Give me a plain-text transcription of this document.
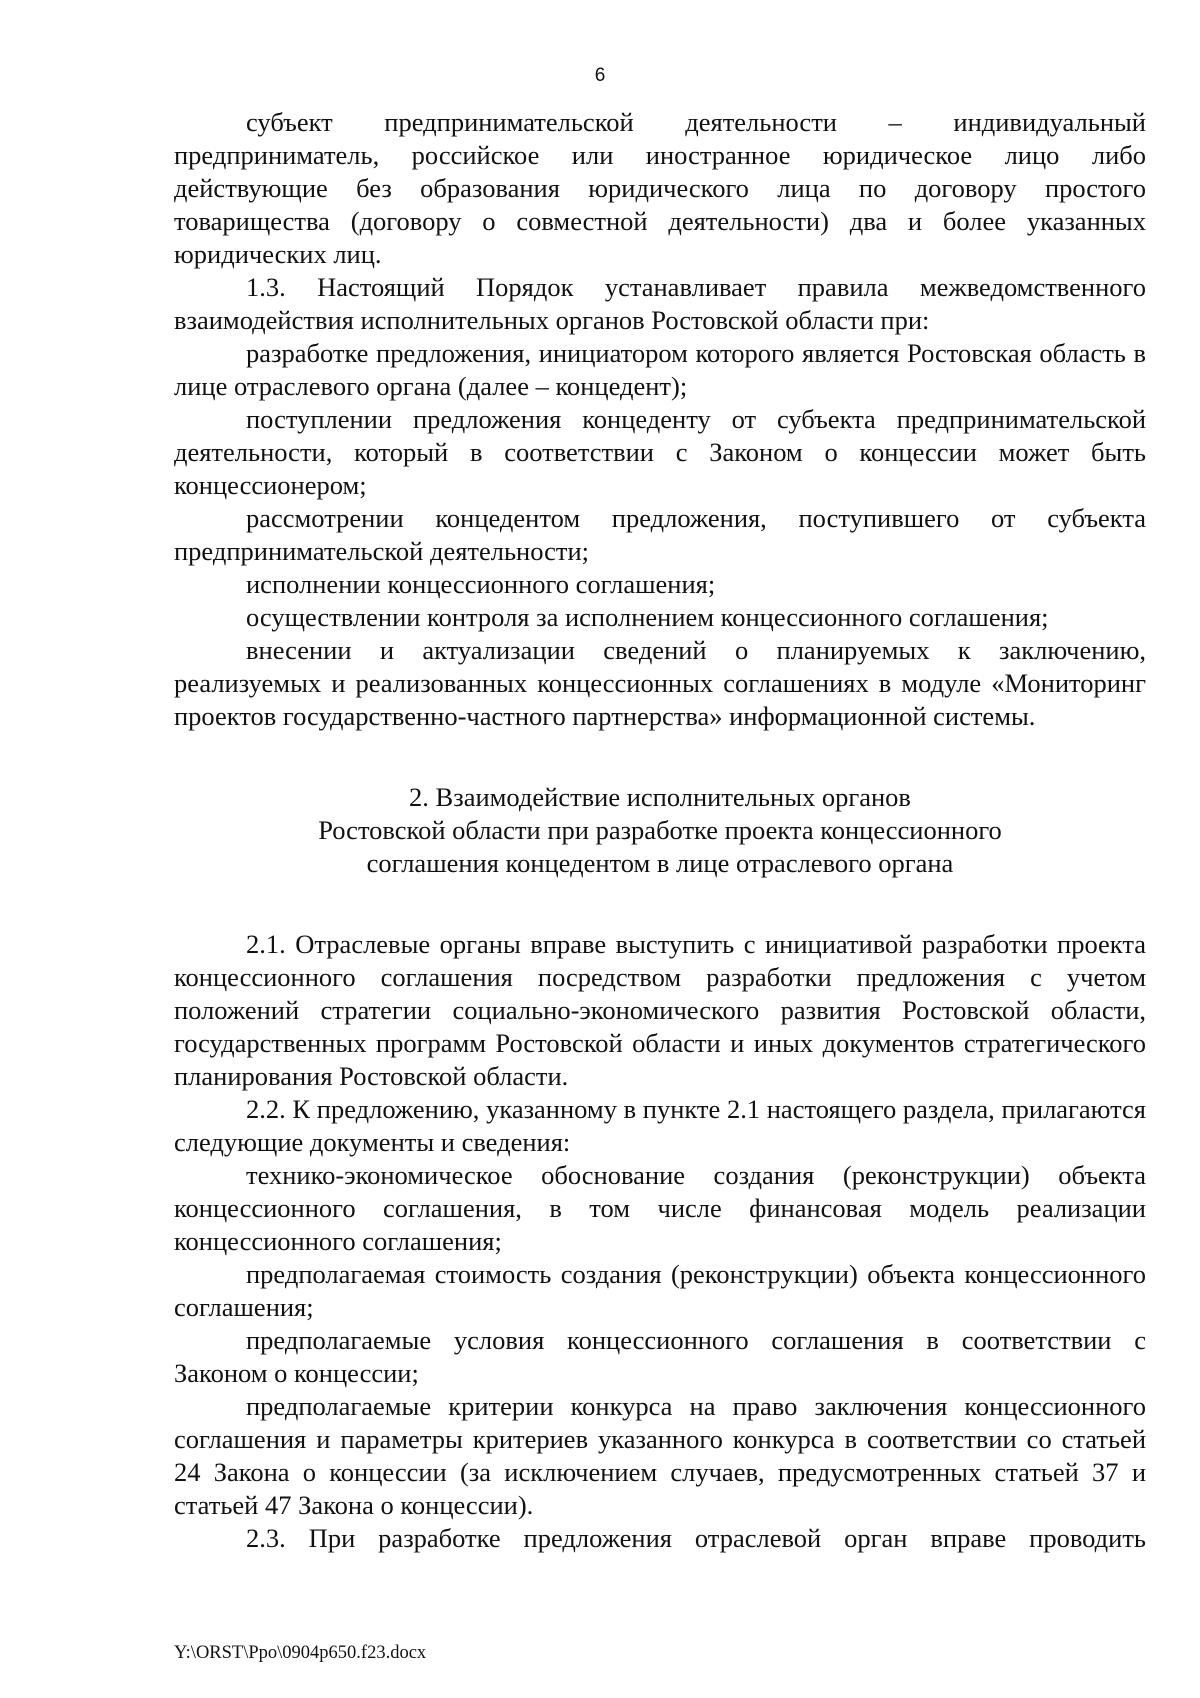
6

субъект предпринимательской деятельности – индивидуальный предприниматель, российское или иностранное юридическое лицо либо действующие без образования юридического лица по договору простого товарищества (договору о совместной деятельности) два и более указанных юридических лиц.

1.3. Настоящий Порядок устанавливает правила межведомственного взаимодействия исполнительных органов Ростовской области при:

разработке предложения, инициатором которого является Ростовская область в лице отраслевого органа (далее – концедент);

поступлении предложения концеденту от субъекта предпринимательской деятельности, который в соответствии с Законом о концессии может быть концессионером;

рассмотрении концедентом предложения, поступившего от субъекта предпринимательской деятельности;

исполнении концессионного соглашения;

осуществлении контроля за исполнением концессионного соглашения;

внесении и актуализации сведений о планируемых к заключению, реализуемых и реализованных концессионных соглашениях в модуле «Мониторинг проектов государственно-частного партнерства» информационной системы.

2. Взаимодействие исполнительных органов
Ростовской области при разработке проекта концессионного
соглашения концедентом в лице отраслевого органа

2.1. Отраслевые органы вправе выступить с инициативой разработки проекта концессионного соглашения посредством разработки предложения с учетом положений стратегии социально-экономического развития Ростовской области, государственных программ Ростовской области и иных документов стратегического планирования Ростовской области.

2.2. К предложению, указанному в пункте 2.1 настоящего раздела, прилагаются следующие документы и сведения:

технико-экономическое обоснование создания (реконструкции) объекта концессионного соглашения, в том числе финансовая модель реализации концессионного соглашения;

предполагаемая стоимость создания (реконструкции) объекта концессионного соглашения;

предполагаемые условия концессионного соглашения в соответствии с Законом о концессии;

предполагаемые критерии конкурса на право заключения концессионного соглашения и параметры критериев указанного конкурса в соответствии со статьей 24 Закона о концессии (за исключением случаев, предусмотренных статьей 37 и статьей 47 Закона о концессии).

2.3. При разработке предложения отраслевой орган вправе проводить

Y:\ORST\Ppo\0904p650.f23.docx
